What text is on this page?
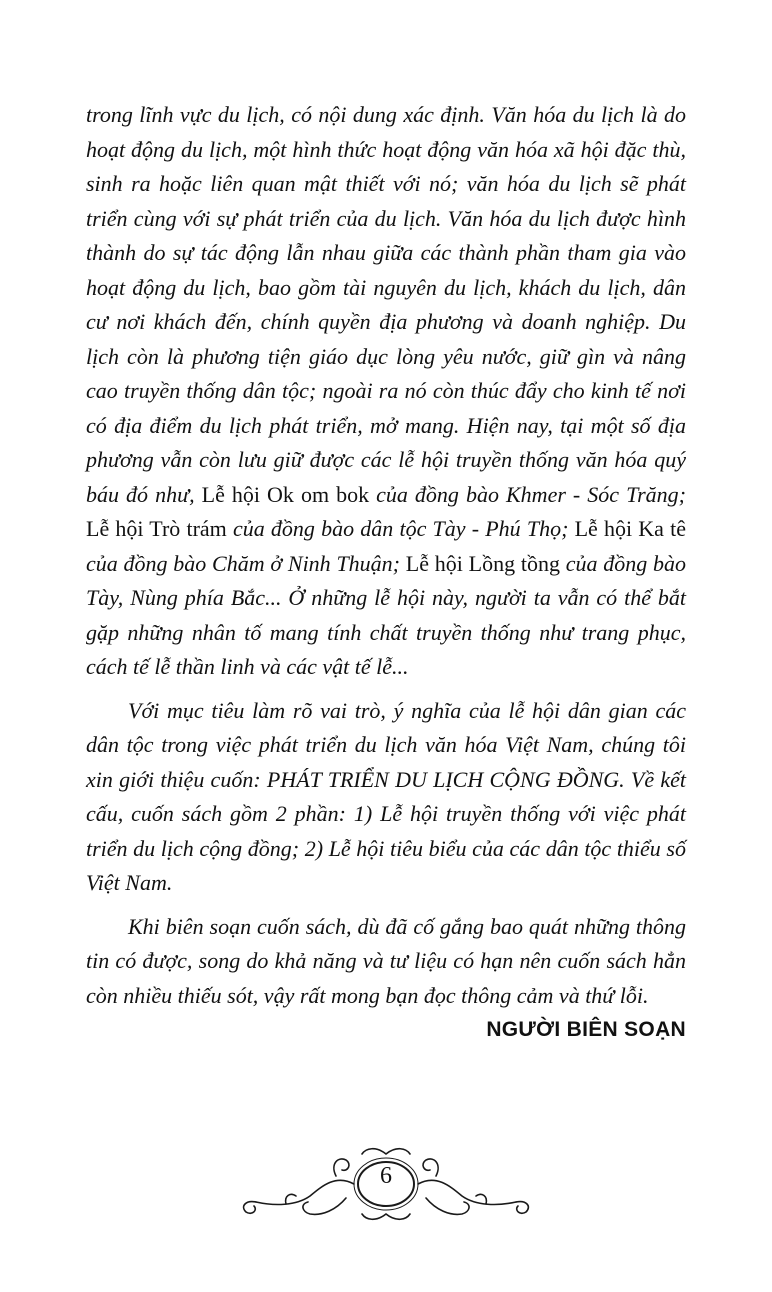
trong lĩnh vực du lịch, có nội dung xác định. Văn hóa du lịch là do hoạt động du lịch, một hình thức hoạt động văn hóa xã hội đặc thù, sinh ra hoặc liên quan mật thiết với nó; văn hóa du lịch sẽ phát triển cùng với sự phát triển của du lịch. Văn hóa du lịch được hình thành do sự tác động lẫn nhau giữa các thành phần tham gia vào hoạt động du lịch, bao gồm tài nguyên du lịch, khách du lịch, dân cư nơi khách đến, chính quyền địa phương và doanh nghiệp. Du lịch còn là phương tiện giáo dục lòng yêu nước, giữ gìn và nâng cao truyền thống dân tộc; ngoài ra nó còn thúc đẩy cho kinh tế nơi có địa điểm du lịch phát triển, mở mang. Hiện nay, tại một số địa phương vẫn còn lưu giữ được các lễ hội truyền thống văn hóa quý báu đó như, Lễ hội Ok om bok của đồng bào Khmer - Sóc Trăng; Lễ hội Trò trám của đồng bào dân tộc Tày - Phú Thọ; Lễ hội Ka tê của đồng bào Chăm ở Ninh Thuận; Lễ hội Lồng tồng của đồng bào Tày, Nùng phía Bắc... Ở những lễ hội này, người ta vẫn có thể bắt gặp những nhân tố mang tính chất truyền thống như trang phục, cách tế lễ thần linh và các vật tế lễ...

Với mục tiêu làm rõ vai trò, ý nghĩa của lễ hội dân gian các dân tộc trong việc phát triển du lịch văn hóa Việt Nam, chúng tôi xin giới thiệu cuốn: PHÁT TRIỂN DU LỊCH CỘNG ĐỒNG. Về kết cấu, cuốn sách gồm 2 phần: 1) Lễ hội truyền thống với việc phát triển du lịch cộng đồng; 2) Lễ hội tiêu biểu của các dân tộc thiểu số Việt Nam.

Khi biên soạn cuốn sách, dù đã cố gắng bao quát những thông tin có được, song do khả năng và tư liệu có hạn nên cuốn sách hẳn còn nhiều thiếu sót, vậy rất mong bạn đọc thông cảm và thứ lỗi.

NGƯỜI BIÊN SOẠN
6
